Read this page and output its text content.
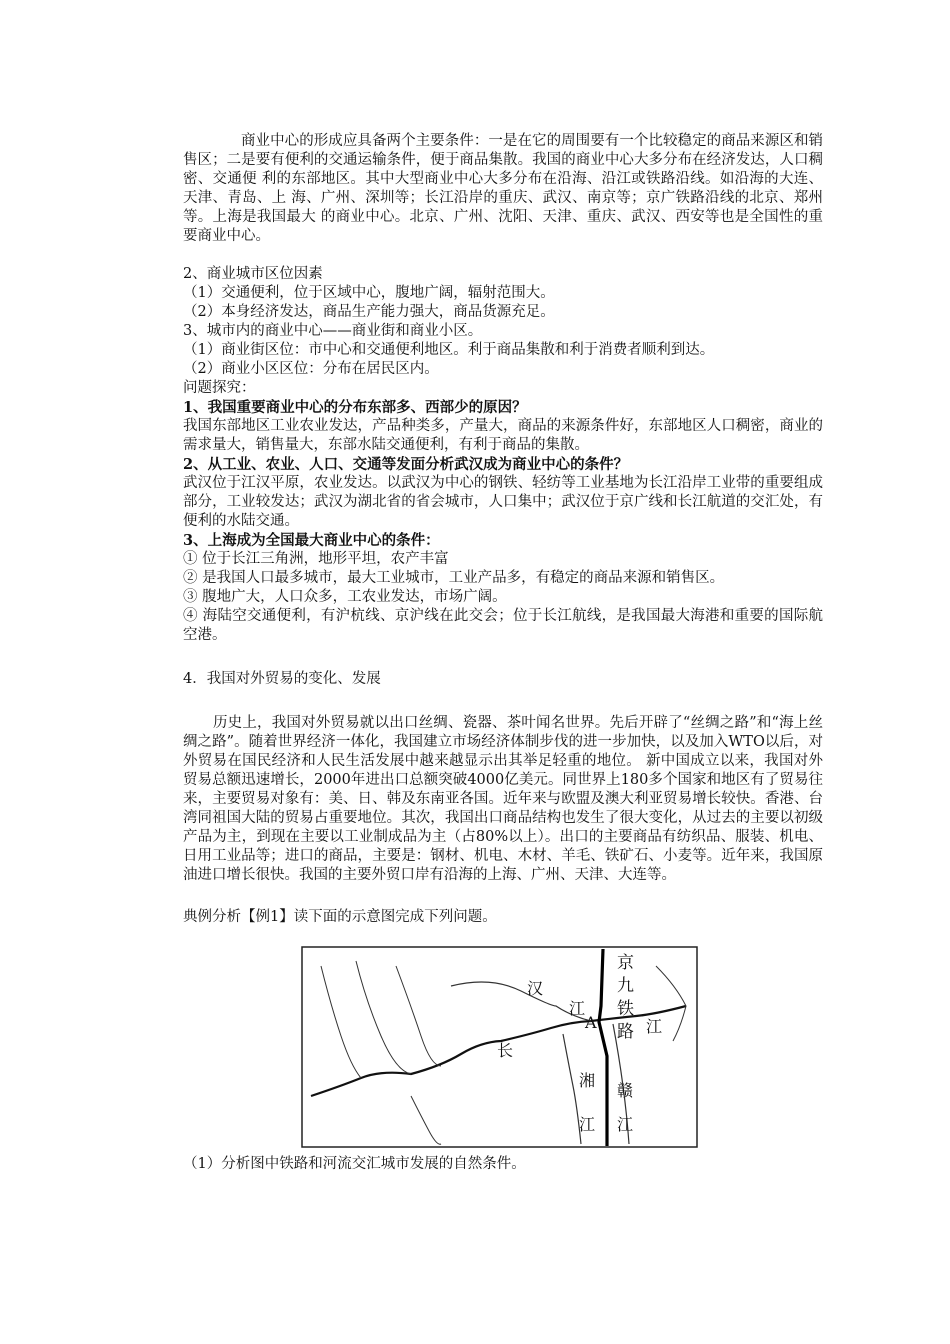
商业中心的形成应具备两个主要条件：一是在它的周围要有一个比较稳定的商品来源区和销售区；二是要有便利的交通运输条件，便于商品集散。我国的商业中心大多分布在经济发达，人口稠密、交通便 利的东部地区。其中大型商业中心大多分布在沿海、沿江或铁路沿线。如沿海的大连、天津、青岛、上 海、广州、深圳等；长江沿岸的重庆、武汉、南京等；京广铁路沿线的北京、郑州等。上海是我国最大 的商业中心。北京、广州、沈阳、天津、重庆、武汉、西安等也是全国性的重要商业中心。

2、商业城市区位因素

（1）交通便利，位于区域中心，腹地广阔，辐射范围大。

（2）本身经济发达，商品生产能力强大，商品货源充足。

3、城市内的商业中心——商业街和商业小区。

（1）商业街区位：市中心和交通便利地区。利于商品集散和利于消费者顺利到达。

（2）商业小区区位：分布在居民区内。

问题探究：

1、我国重要商业中心的分布东部多、西部少的原因？

我国东部地区工业农业发达，产品种类多，产量大，商品的来源条件好，东部地区人口稠密，商业的需求量大，销售量大，东部水陆交通便利，有利于商品的集散。

2、从工业、农业、人口、交通等发面分析武汉成为商业中心的条件？

武汉位于江汉平原，农业发达。以武汉为中心的钢铁、轻纺等工业基地为长江沿岸工业带的重要组成部分，工业较发达；武汉为湖北省的省会城市，人口集中；武汉位于京广线和长江航道的交汇处，有便利的水陆交通。

3、上海成为全国最大商业中心的条件：

① 位于长江三角洲，地形平坦，农产丰富

② 是我国人口最多城市，最大工业城市，工业产品多，有稳定的商品来源和销售区。

③ 腹地广大，人口众多，工农业发达，市场广阔。

④ 海陆空交通便利，有沪杭线、京沪线在此交会；位于长江航线，是我国最大海港和重要的国际航空港。

4．我国对外贸易的变化、发展

历史上，我国对外贸易就以出口丝绸、瓷器、茶叶闻名世界。先后开辟了“丝绸之路”和“海上丝绸之路”。随着世界经济一体化，我国建立市场经济体制步伐的进一步加快，以及加入WTO以后，对外贸易在国民经济和人民生活发展中越来越显示出其举足轻重的地位。 新中国成立以来，我国对外贸易总额迅速增长，2000年进出口总额突破4000亿美元。同世界上180多个国家和地区有了贸易往来，主要贸易对象有：美、日、韩及东南亚各国。近年来与欧盟及澳大利亚贸易增长较快。香港、台湾同祖国大陆的贸易占重要地位。其次，我国出口商品结构也发生了很大变化，从过去的主要以初级产品为主，到现在主要以工业制成品为主（占80%以上）。出口的主要商品有纺织品、服装、机电、日用工业品等；进口的商品，主要是：钢材、机电、木材、羊毛、铁矿石、小麦等。近年来，我国原油进口增长很快。我国的主要外贸口岸有沿海的上海、广州、天津、大连等。

典例分析【例1】读下面的示意图完成下列问题。

京
九
铁
路
汉
江
A
长
江
湘
江
赣
江
（1）分析图中铁路和河流交汇城市发展的自然条件。
